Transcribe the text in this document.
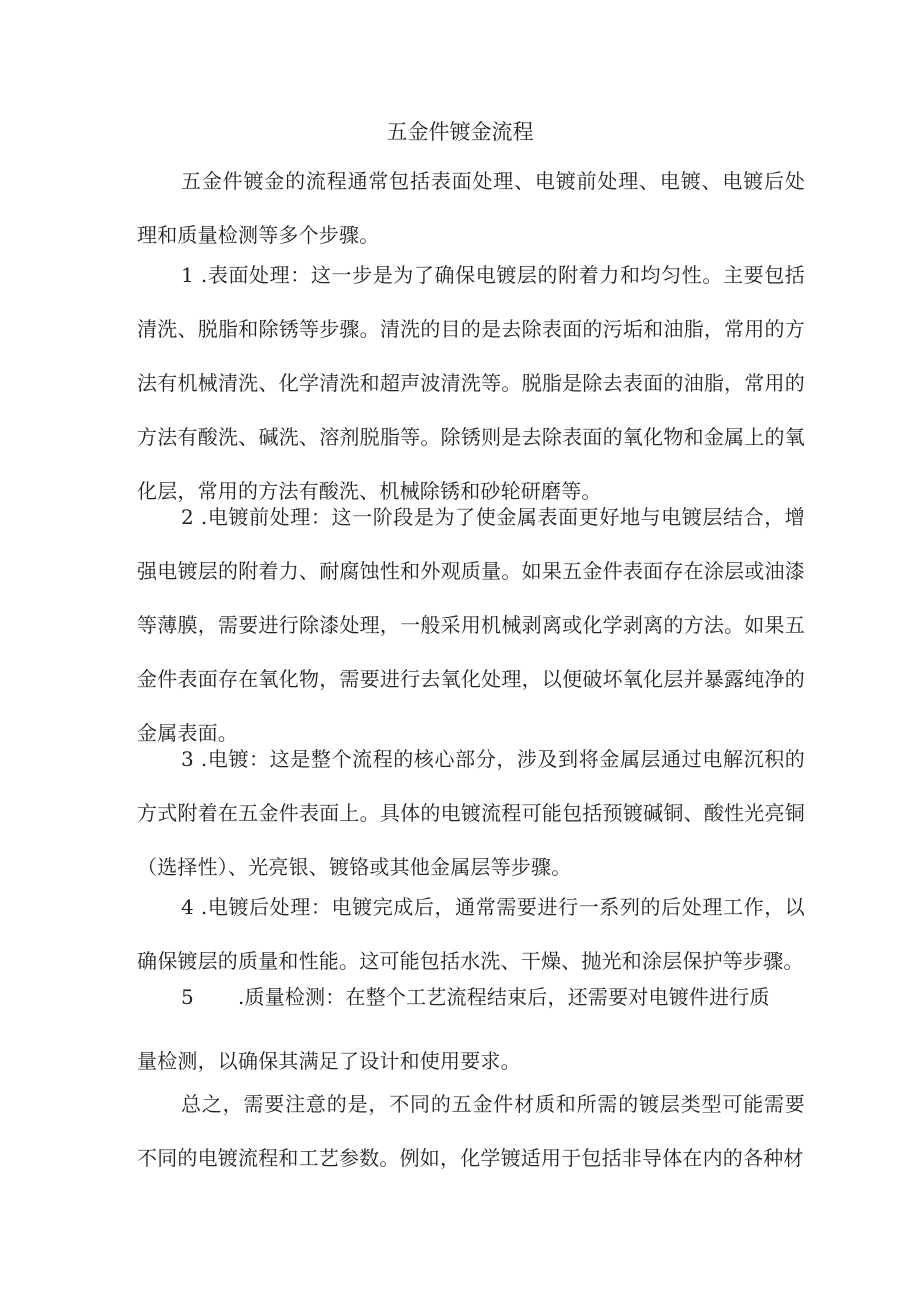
五金件镀金流程

五金件镀金的流程通常包括表面处理、电镀前处理、电镀、电镀后处理和质量检测等多个步骤。

1 .表面处理：这一步是为了确保电镀层的附着力和均匀性。主要包括清洗、脱脂和除锈等步骤。清洗的目的是去除表面的污垢和油脂，常用的方法有机械清洗、化学清洗和超声波清洗等。脱脂是除去表面的油脂，常用的方法有酸洗、碱洗、溶剂脱脂等。除锈则是去除表面的氧化物和金属上的氧化层，常用的方法有酸洗、机械除锈和砂轮研磨等。

2 .电镀前处理：这一阶段是为了使金属表面更好地与电镀层结合，增强电镀层的附着力、耐腐蚀性和外观质量。如果五金件表面存在涂层或油漆等薄膜，需要进行除漆处理，一般采用机械剥离或化学剥离的方法。如果五金件表面存在氧化物，需要进行去氧化处理，以便破坏氧化层并暴露纯净的金属表面。

3 .电镀：这是整个流程的核心部分，涉及到将金属层通过电解沉积的方式附着在五金件表面上。具体的电镀流程可能包括预镀碱铜、酸性光亮铜（选择性）、光亮银、镀铬或其他金属层等步骤。

4 .电镀后处理：电镀完成后，通常需要进行一系列的后处理工作，以确保镀层的质量和性能。这可能包括水洗、干燥、抛光和涂层保护等步骤。

5 .质量检测：在整个工艺流程结束后，还需要对电镀件进行质
量检测，以确保其满足了设计和使用要求。

总之，需要注意的是，不同的五金件材质和所需的镀层类型可能需要不同的电镀流程和工艺参数。例如，化学镀适用于包括非导体在内的各种材
